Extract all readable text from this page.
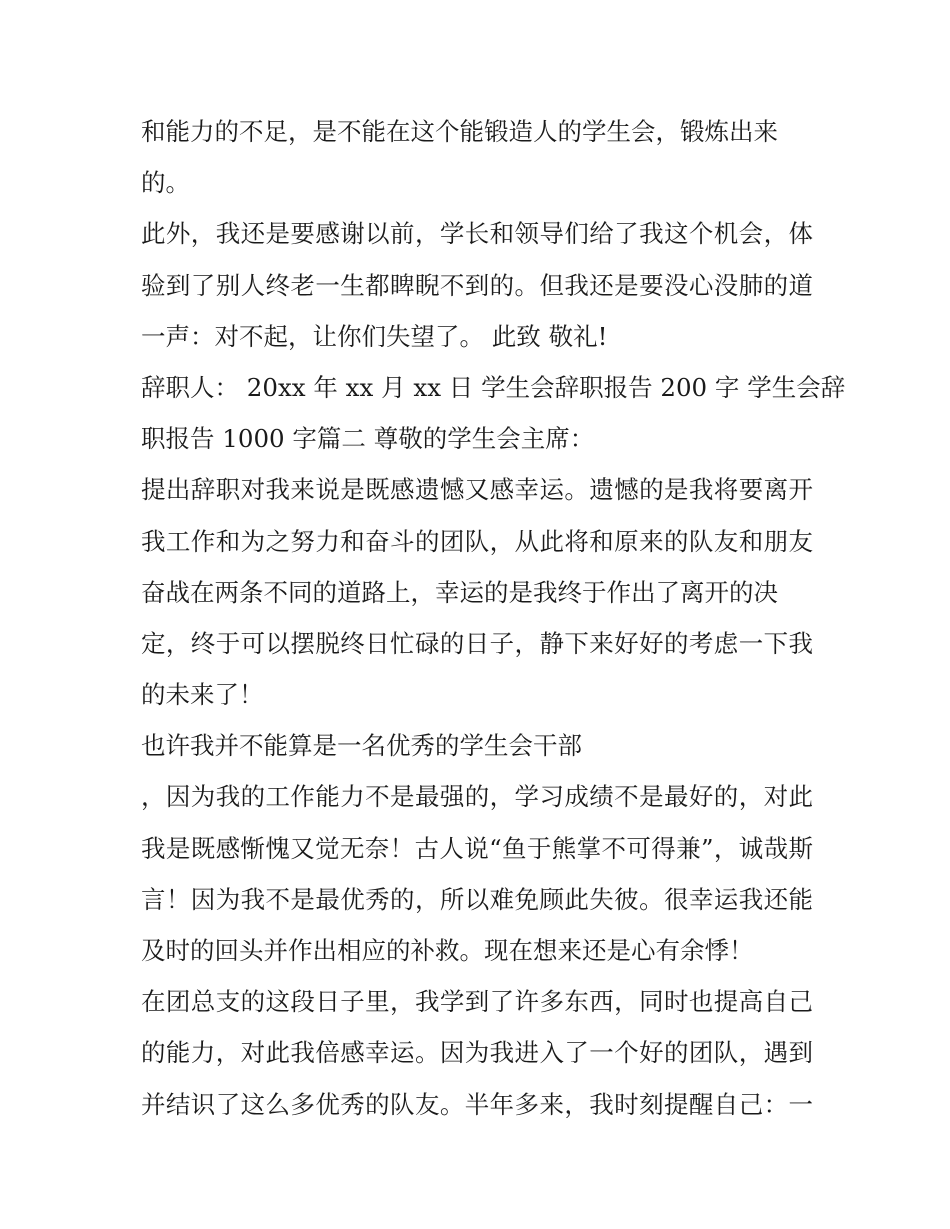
和能力的不足，是不能在这个能锻造人的学生会，锻炼出来
的。
此外，我还是要感谢以前，学长和领导们给了我这个机会，体
验到了别人终老一生都睥睨不到的。但我还是要没心没肺的道
一声：对不起，让你们失望了。 此致 敬礼!
辞职人： 20xx 年 xx 月 xx 日 学生会辞职报告 200 字 学生会辞
职报告 1000 字篇二 尊敬的学生会主席：
提出辞职对我来说是既感遗憾又感幸运。遗憾的是我将要离开
我工作和为之努力和奋斗的团队，从此将和原来的队友和朋友
奋战在两条不同的道路上，幸运的是我终于作出了离开的决
定，终于可以摆脱终日忙碌的日子，静下来好好的考虑一下我
的未来了！
也许我并不能算是一名优秀的学生会干部
，因为我的工作能力不是最强的，学习成绩不是最好的，对此
我是既感惭愧又觉无奈！古人说“鱼于熊掌不可得兼”，诚哉斯
言！因为我不是最优秀的，所以难免顾此失彼。很幸运我还能
及时的回头并作出相应的补救。现在想来还是心有余悸！
在团总支的这段日子里，我学到了许多东西，同时也提高自己
的能力，对此我倍感幸运。因为我进入了一个好的团队，遇到
并结识了这么多优秀的队友。半年多来，我时刻提醒自己：一
